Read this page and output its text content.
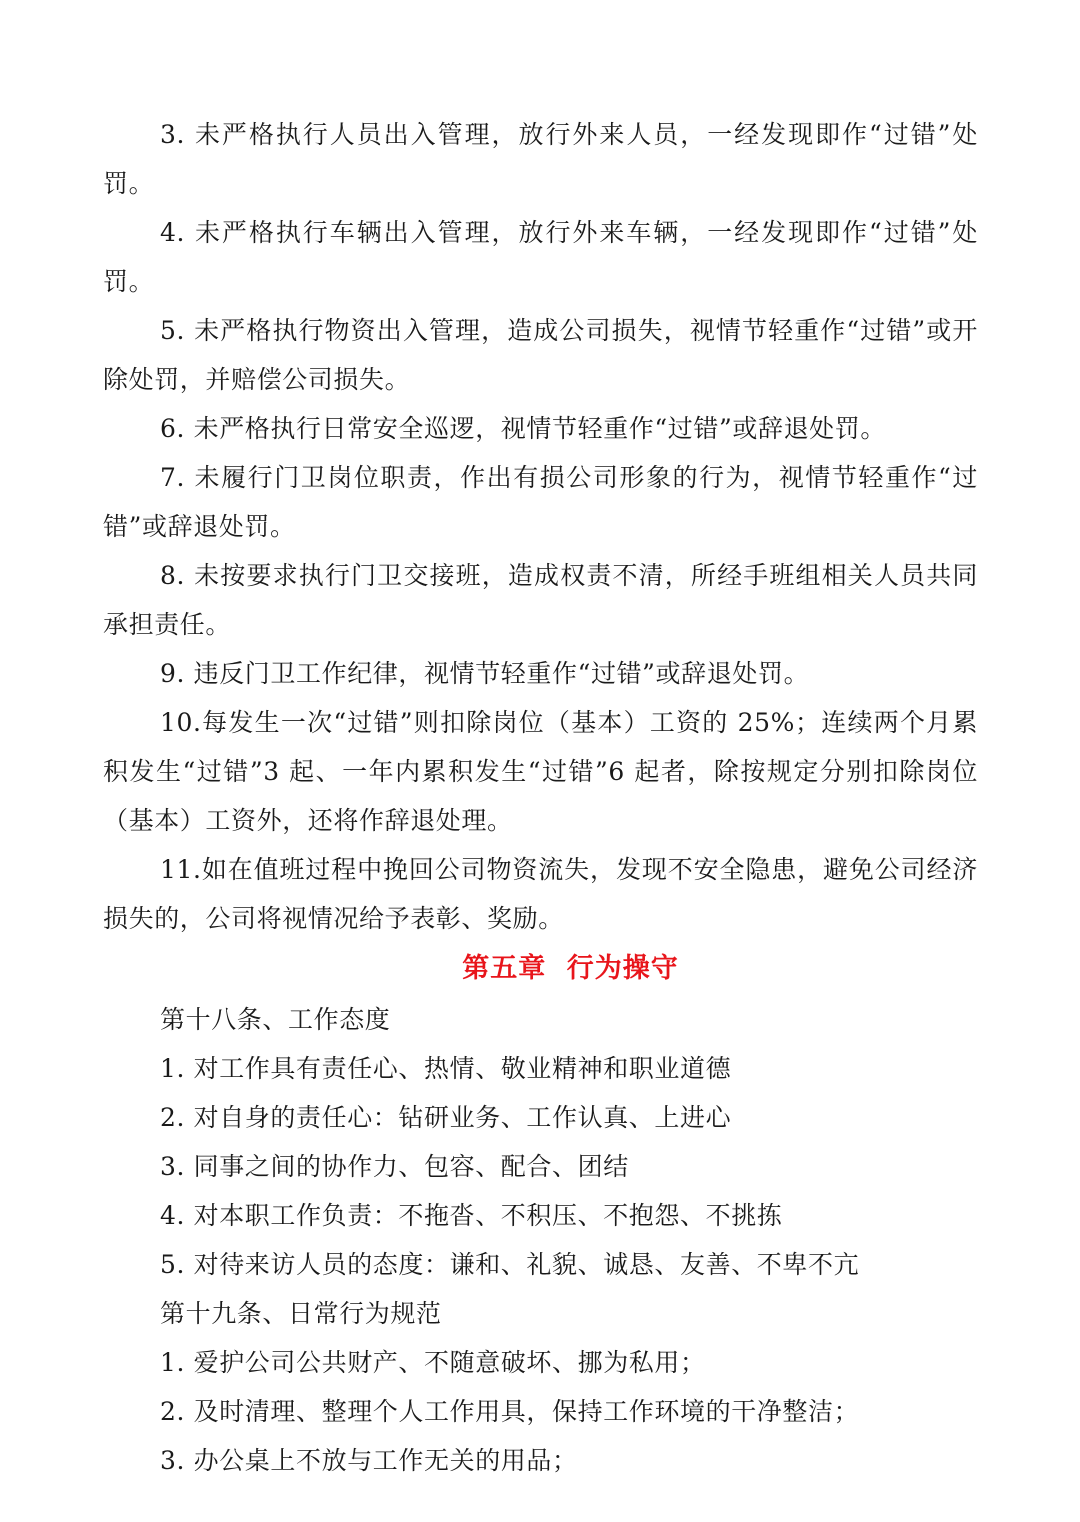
3. 未严格执行人员出入管理，放行外来人员，一经发现即作“过错”处罚。

4. 未严格执行车辆出入管理，放行外来车辆，一经发现即作“过错”处罚。

5. 未严格执行物资出入管理，造成公司损失，视情节轻重作“过错”或开除处罚，并赔偿公司损失。

6. 未严格执行日常安全巡逻，视情节轻重作“过错”或辞退处罚。

7. 未履行门卫岗位职责，作出有损公司形象的行为，视情节轻重作“过错”或辞退处罚。

8. 未按要求执行门卫交接班，造成权责不清，所经手班组相关人员共同承担责任。

9. 违反门卫工作纪律，视情节轻重作“过错”或辞退处罚。

10.每发生一次“过错”则扣除岗位（基本）工资的 25%；连续两个月累积发生“过错”3 起、一年内累积发生“过错”6 起者，除按规定分别扣除岗位（基本）工资外，还将作辞退处理。

11.如在值班过程中挽回公司物资流失，发现不安全隐患，避免公司经济损失的，公司将视情况给予表彰、奖励。

第五章 行为操守

第十八条、工作态度

1. 对工作具有责任心、热情、敬业精神和职业道德

2. 对自身的责任心：钻研业务、工作认真、上进心

3. 同事之间的协作力、包容、配合、团结

4. 对本职工作负责：不拖沓、不积压、不抱怨、不挑拣

5. 对待来访人员的态度：谦和、礼貌、诚恳、友善、不卑不亢

第十九条、日常行为规范

1. 爱护公司公共财产、不随意破坏、挪为私用；

2. 及时清理、整理个人工作用具，保持工作环境的干净整洁；

3. 办公桌上不放与工作无关的用品；
